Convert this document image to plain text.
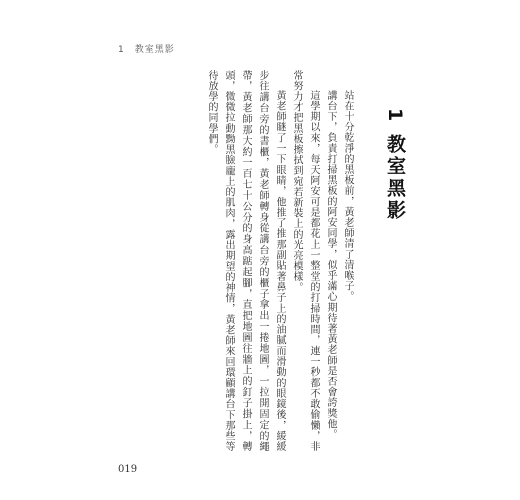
1　教室黑影
1 教室黑影

站在十分乾淨的黑板前，黃老師清了清喉子。

講台下，負責打掃黑板的阿安同學，似乎滿心期待著黃老師是否會誇獎他。

這學期以來，每天阿安可是都花上一整堂的打掃時間，連一秒都不敢偷懶，非常努力才把黑板擦拭到宛若新裝上的光亮模樣。

黃老師瞇了一下眼睛，他推了推那副貼著鼻子上的油膩而滑動的眼鏡後，緩緩步往講台旁的書櫃，黃老師轉身從講台旁的櫃子拿出一捲地圖，一拉開固定的繩帶，黃老師那大約一百七十公分的身高踮起腳，直把地圖往牆上的釘子掛上，轉頭，微微拉動黝黑臉龐上的肌肉，露出期望的神情，黃老師來回環顧講台下那些等待放學的同學們。

019
